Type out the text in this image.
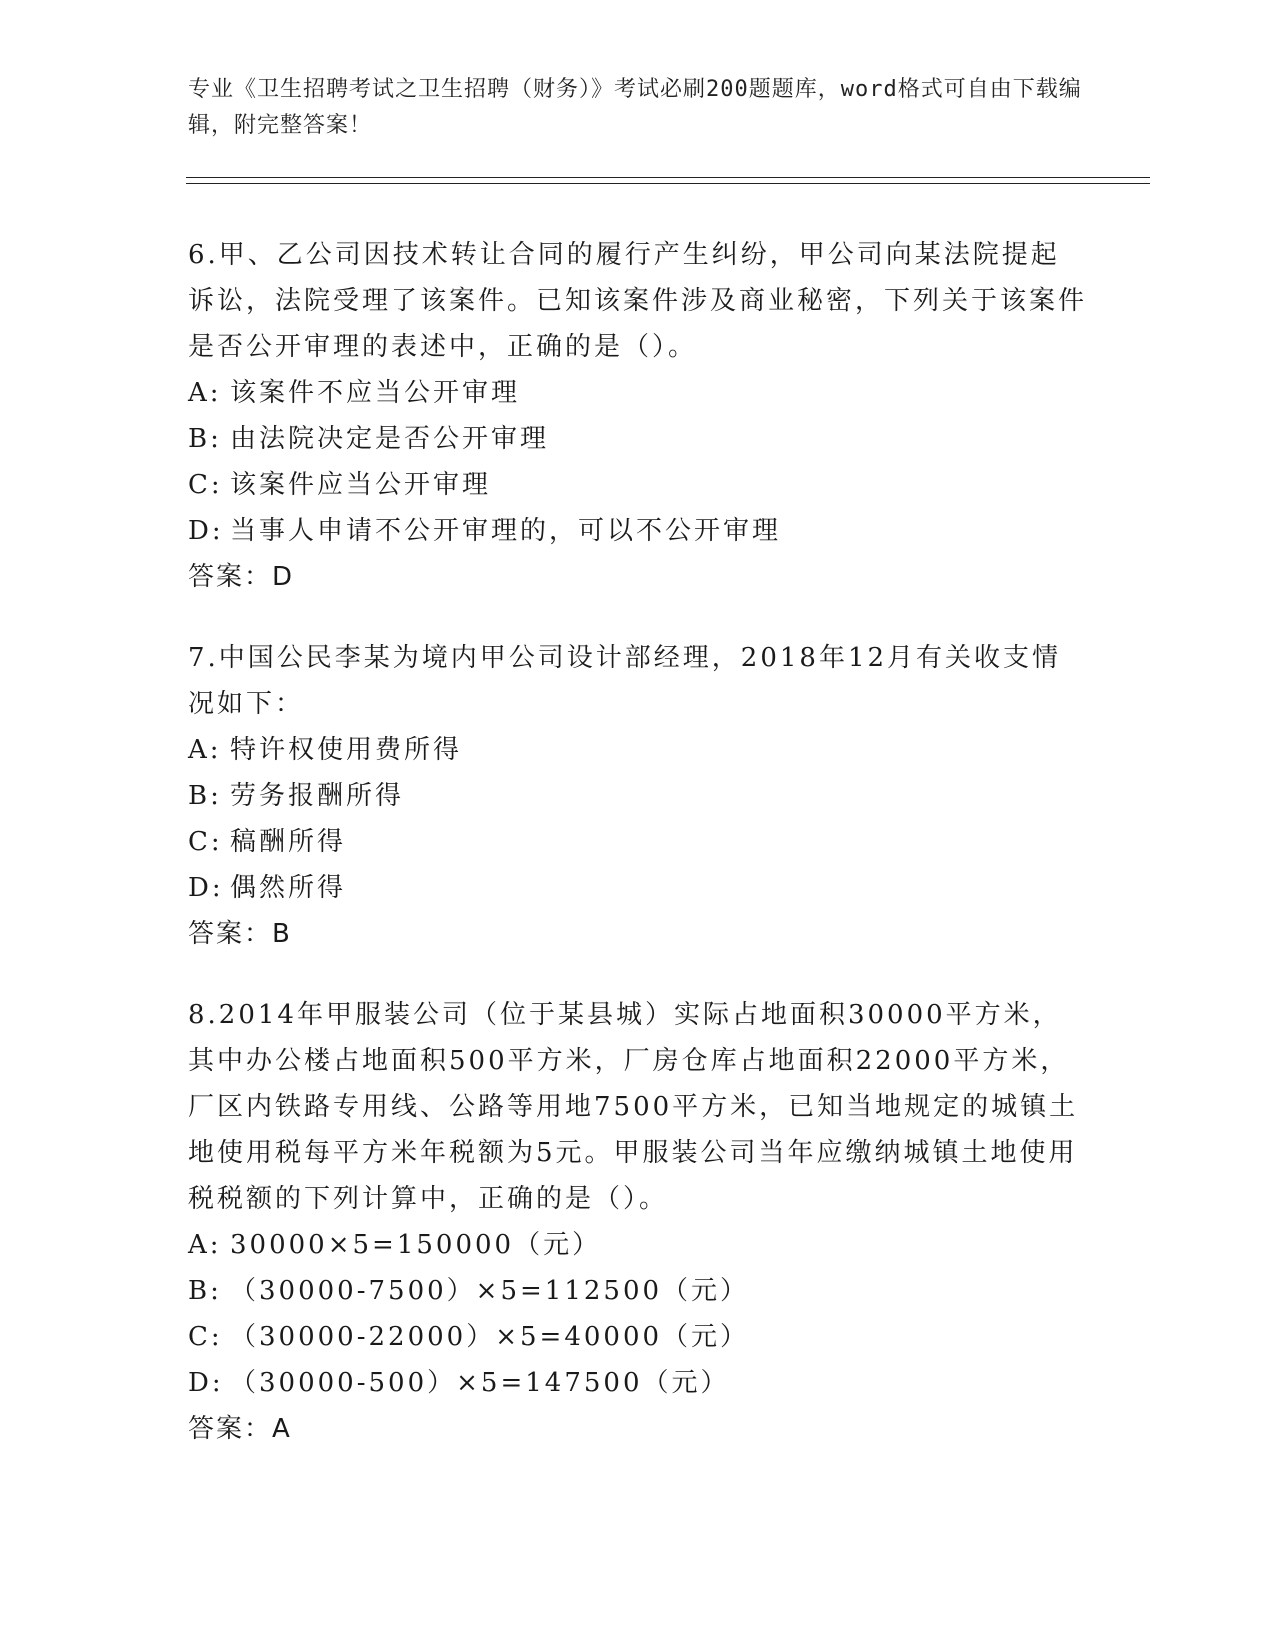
专业《卫生招聘考试之卫生招聘（财务）》考试必刷200题题库，word格式可自由下载编辑，附完整答案！

6.甲、乙公司因技术转让合同的履行产生纠纷，甲公司向某法院提起诉讼，法院受理了该案件。已知该案件涉及商业秘密，下列关于该案件是否公开审理的表述中，正确的是（）。

A: 该案件不应当公开审理

B: 由法院决定是否公开审理

C: 该案件应当公开审理

D: 当事人申请不公开审理的，可以不公开审理

答案：D

7.中国公民李某为境内甲公司设计部经理，2018年12月有关收支情况如下：

A: 特许权使用费所得

B: 劳务报酬所得

C: 稿酬所得

D: 偶然所得

答案：B

8.2014年甲服装公司（位于某县城）实际占地面积30000平方米，其中办公楼占地面积500平方米，厂房仓库占地面积22000平方米，厂区内铁路专用线、公路等用地7500平方米，已知当地规定的城镇土地使用税每平方米年税额为5元。甲服装公司当年应缴纳城镇土地使用税税额的下列计算中，正确的是（）。

A: 30000×5=150000（元）

B: （30000-7500）×5=112500（元）

C: （30000-22000）×5=40000（元）

D: （30000-500）×5=147500（元）

答案：A
